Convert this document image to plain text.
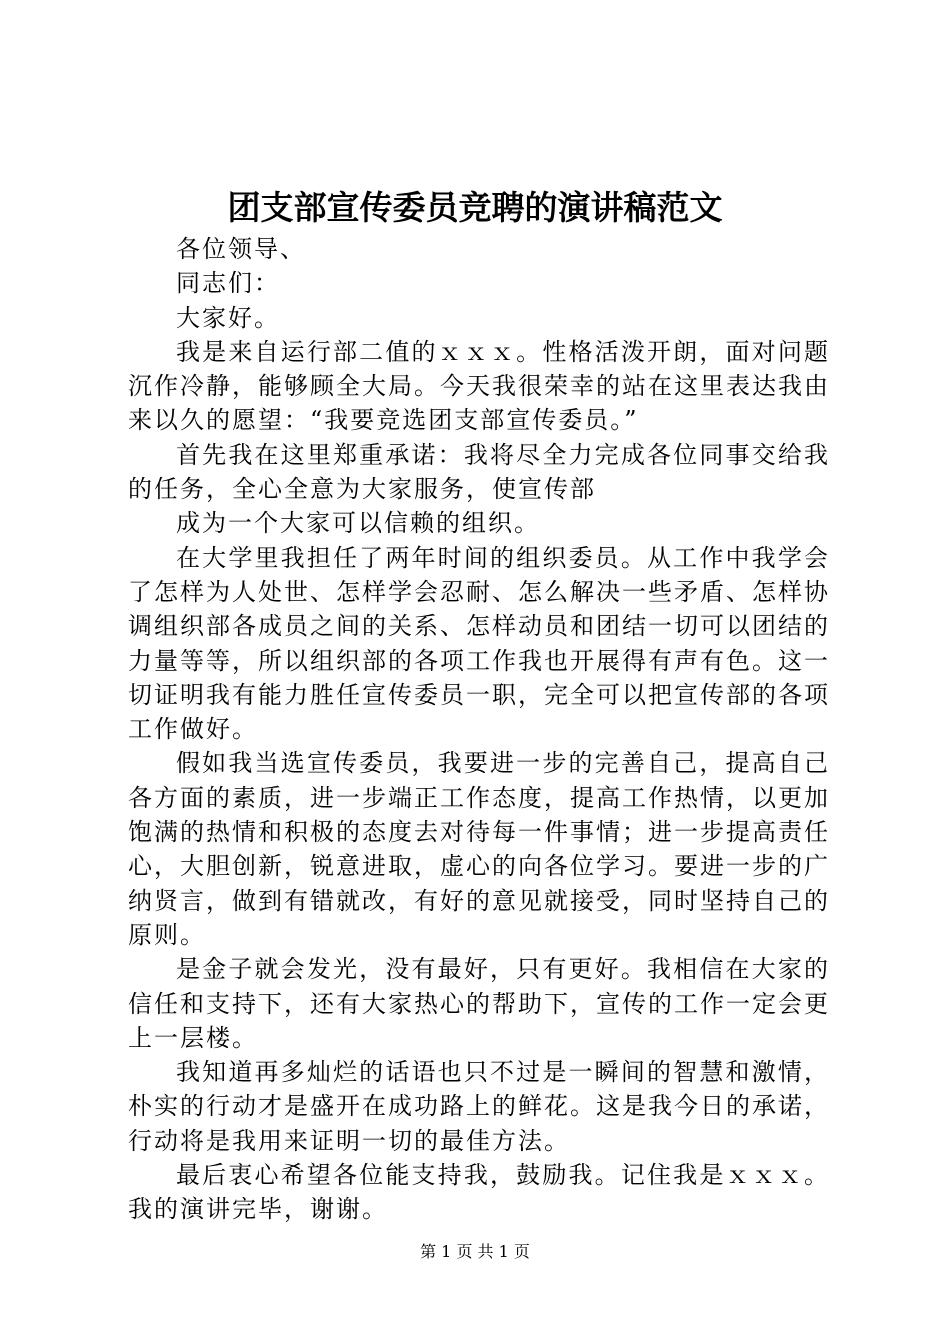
团支部宣传委员竞聘的演讲稿范文

各位领导、

同志们：

大家好。

我是来自运行部二值的ｘｘｘ。性格活泼开朗，面对问题沉作冷静，能够顾全大局。今天我很荣幸的站在这里表达我由来以久的愿望：“我要竞选团支部宣传委员。”

首先我在这里郑重承诺：我将尽全力完成各位同事交给我的任务，全心全意为大家服务，使宣传部

成为一个大家可以信赖的组织。

在大学里我担任了两年时间的组织委员。从工作中我学会了怎样为人处世、怎样学会忍耐、怎么解决一些矛盾、怎样协调组织部各成员之间的关系、怎样动员和团结一切可以团结的力量等等，所以组织部的各项工作我也开展得有声有色。这一切证明我有能力胜任宣传委员一职，完全可以把宣传部的各项工作做好。

假如我当选宣传委员，我要进一步的完善自己，提高自己各方面的素质，进一步端正工作态度，提高工作热情，以更加饱满的热情和积极的态度去对待每一件事情；进一步提高责任心，大胆创新，锐意进取，虚心的向各位学习。要进一步的广纳贤言，做到有错就改，有好的意见就接受，同时坚持自己的原则。

是金子就会发光，没有最好，只有更好。我相信在大家的信任和支持下，还有大家热心的帮助下，宣传的工作一定会更上一层楼。

我知道再多灿烂的话语也只不过是一瞬间的智慧和激情，朴实的行动才是盛开在成功路上的鲜花。这是我今日的承诺，行动将是我用来证明一切的最佳方法。

最后衷心希望各位能支持我，鼓励我。记住我是ｘｘｘ。我的演讲完毕，谢谢。

第 1 页 共 1 页
